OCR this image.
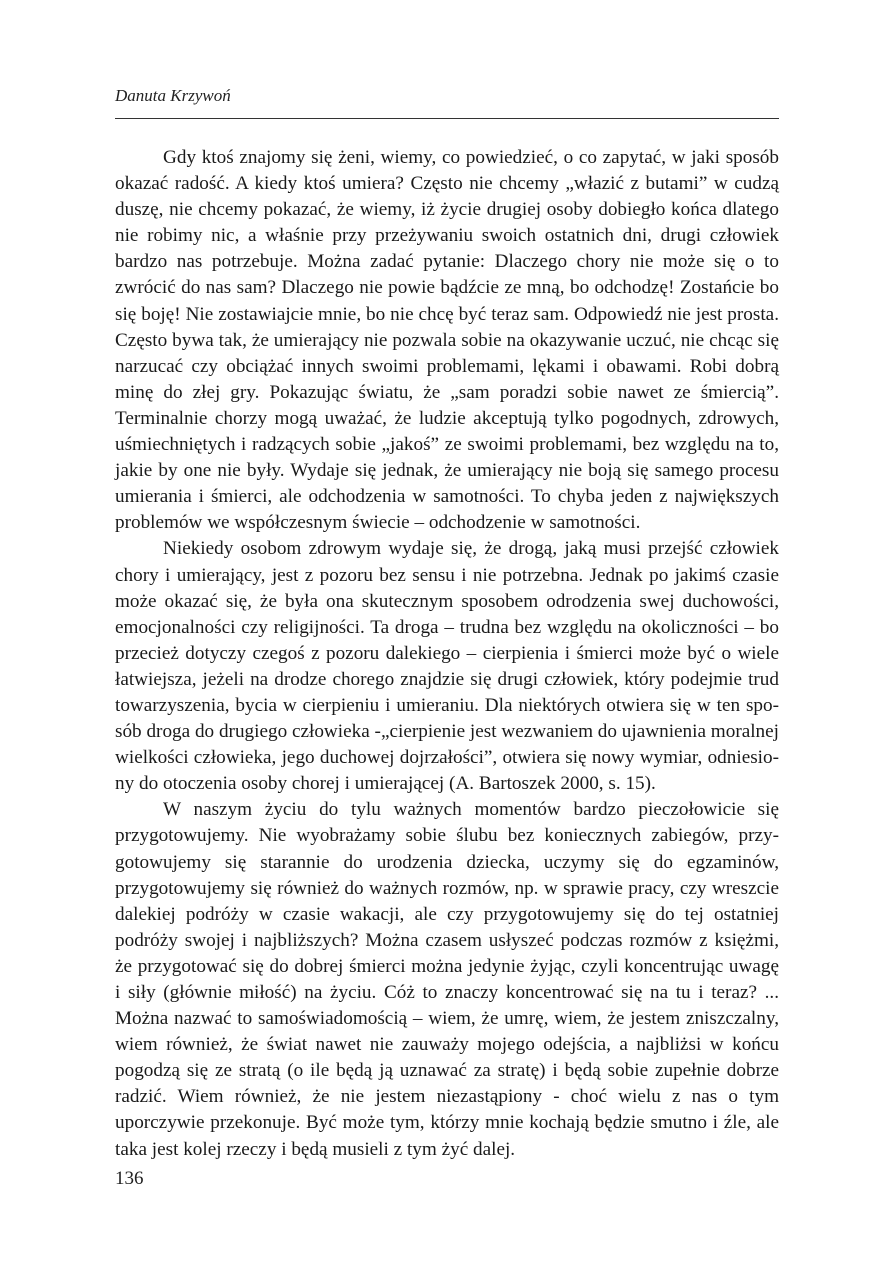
Danuta Krzywoń

Gdy ktoś znajomy się żeni, wiemy, co powiedzieć, o co zapytać, w jaki sposób okazać radość. A kiedy ktoś umiera? Często nie chcemy „włazić z butami” w cudzą duszę, nie chcemy pokazać, że wiemy, iż życie drugiej osoby dobiegło końca dlatego nie robimy nic, a właśnie przy przeżywaniu swoich ostatnich dni, drugi człowiek bardzo nas potrzebuje. Można zadać pytanie: Dlaczego chory nie może się o to zwrócić do nas sam? Dlaczego nie powie bądźcie ze mną, bo odchodzę! Zostańcie bo się boję! Nie zostawiajcie mnie, bo nie chcę być teraz sam. Odpowiedź nie jest prosta. Często bywa tak, że umierający nie pozwala sobie na okazywanie uczuć, nie chcąc się narzucać czy obciążać innych swoimi problemami, lękami i obawami. Robi dobrą minę do złej gry. Pokazując światu, że „sam poradzi sobie nawet ze śmiercią”. Terminalnie chorzy mogą uważać, że ludzie akceptują tylko pogodnych, zdrowych, uśmiechniętych i radzących sobie „jakoś” ze swoimi problemami, bez względu na to, jakie by one nie były. Wydaje się jednak, że umierający nie boją się samego procesu umierania i śmierci, ale odchodzenia w samotności. To chyba jeden z największych problemów we współczesnym świecie – odchodzenie w samotności.

Niekiedy osobom zdrowym wydaje się, że drogą, jaką musi przejść człowiek chory i umierający, jest z pozoru bez sensu i nie potrzebna. Jednak po jakimś czasie może okazać się, że była ona skutecznym sposobem odrodzenia swej duchowości, emocjonalności czy religijności. Ta droga – trudna bez względu na okoliczności – bo przecież dotyczy czegoś z pozoru dalekiego – cierpienia i śmierci może być o wiele łatwiejsza, jeżeli na drodze chorego znajdzie się drugi człowiek, który podejmie trud towarzyszenia, bycia w cierpieniu i umieraniu. Dla niektórych otwiera się w ten sposób droga do drugiego człowieka -„cierpienie jest wezwaniem do ujawnienia moralnej wielkości człowieka, jego duchowej dojrzałości”, otwiera się nowy wymiar, odniesiony do otoczenia osoby chorej i umierającej (A. Bartoszek 2000, s. 15).

W naszym życiu do tylu ważnych momentów bardzo pieczołowicie się przygotowujemy. Nie wyobrażamy sobie ślubu bez koniecznych zabiegów, przygotowujemy się starannie do urodzenia dziecka, uczymy się do egzaminów, przygotowujemy się również do ważnych rozmów, np. w sprawie pracy, czy wreszcie dalekiej podróży w czasie wakacji, ale czy przygotowujemy się do tej ostatniej podróży swojej i najbliższych? Można czasem usłyszeć podczas rozmów z księżmi, że przygotować się do dobrej śmierci można jedynie żyjąc, czyli koncentrując uwagę i siły (głównie miłość) na życiu. Cóż to znaczy koncentrować się na tu i teraz? ... Można nazwać to samoświadomością – wiem, że umrę, wiem, że jestem zniszczalny, wiem również, że świat nawet nie zauważy mojego odejścia, a najbliżsi w końcu pogodzą się ze stratą (o ile będą ją uznawać za stratę) i będą sobie zupełnie dobrze radzić. Wiem również, że nie jestem niezastąpiony - choć wielu z nas o tym uporczywie przekonuje. Być może tym, którzy mnie kochają będzie smutno i źle, ale taka jest kolej rzeczy i będą musieli z tym żyć dalej.

136
